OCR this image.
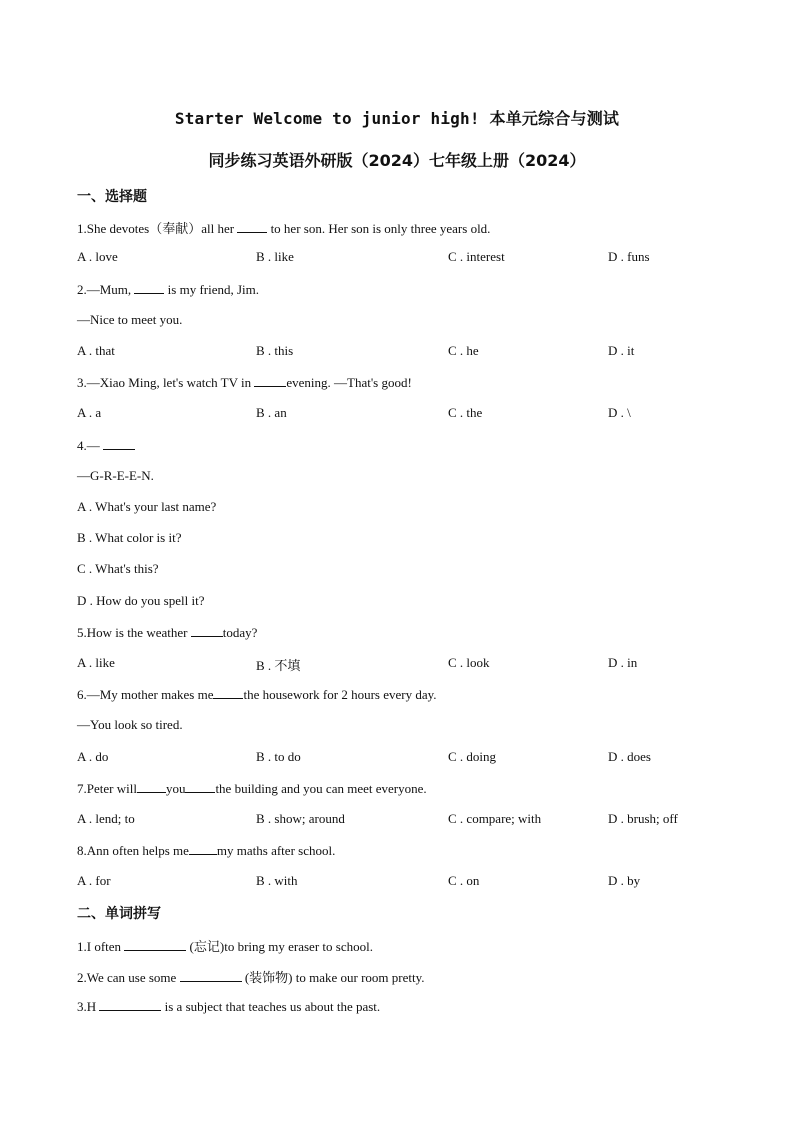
Starter Welcome to junior high! 本单元综合与测试
同步练习英语外研版（2024）七年级上册（2024）
一、选择题
1.She devotes（奉献）all her  to her son. Her son is only three years old.
A . love	B . like	C . interest	D . funs
2.—Mum,  is my friend, Jim.
—Nice to meet you.
A . that	B . this	C . he	D . it
3.—Xiao Ming, let's watch TV in evening. —That's good!
A . a	B . an	C . the	D . \
4.—
—G-R-E-E-N.
A . What's your last name?
B . What color is it?
C . What's this?
D . How do you spell it?
5.How is the weather today?
A . like	B . 不填	C . look	D . in
6.—My mother makes me the housework for 2 hours every day.
—You look so tired.
A . do	B . to do	C . doing	D . does
7.Peter will you the building and you can meet everyone.
A . lend; to	B . show; around	C . compare; with	D . brush; off
8.Ann often helps me my maths after school.
A . for	B . with	C . on	D . by
二、单词拼写
1.I often	(忘记)to bring my eraser to school.
2.We can use some	(装饰物) to make our room pretty.
3.H	is a subject that teaches us about the past.
